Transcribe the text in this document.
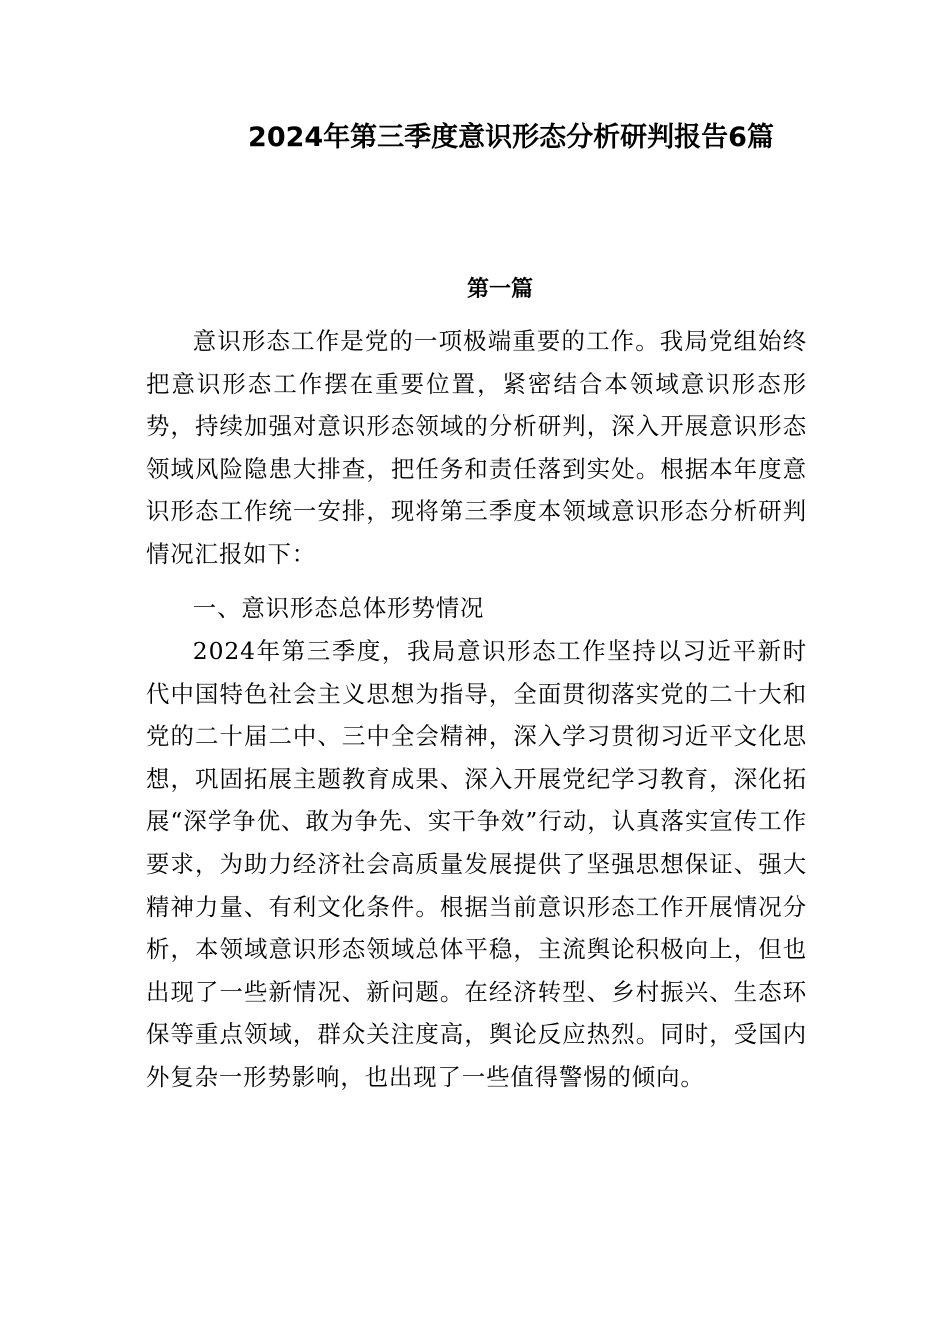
2024年第三季度意识形态分析研判报告6篇
第一篇

意识形态工作是党的一项极端重要的工作。我局党组始终把意识形态工作摆在重要位置，紧密结合本领域意识形态形势，持续加强对意识形态领域的分析研判，深入开展意识形态领域风险隐患大排查，把任务和责任落到实处。根据本年度意识形态工作统一安排，现将第三季度本领域意识形态分析研判情况汇报如下：

一、意识形态总体形势情况

2024年第三季度，我局意识形态工作坚持以习近平新时代中国特色社会主义思想为指导，全面贯彻落实党的二十大和党的二十届二中、三中全会精神，深入学习贯彻习近平文化思想，巩固拓展主题教育成果、深入开展党纪学习教育，深化拓展“深学争优、敢为争先、实干争效”行动，认真落实宣传工作要求，为助力经济社会高质量发展提供了坚强思想保证、强大精神力量、有利文化条件。根据当前意识形态工作开展情况分析，本领域意识形态领域总体平稳，主流舆论积极向上，但也出现了一些新情况、新问题。在经济转型、乡村振兴、生态环保等重点领域，群众关注度高，舆论反应热烈。同时，受国内外复杂一形势影响，也出现了一些值得警惕的倾向。
